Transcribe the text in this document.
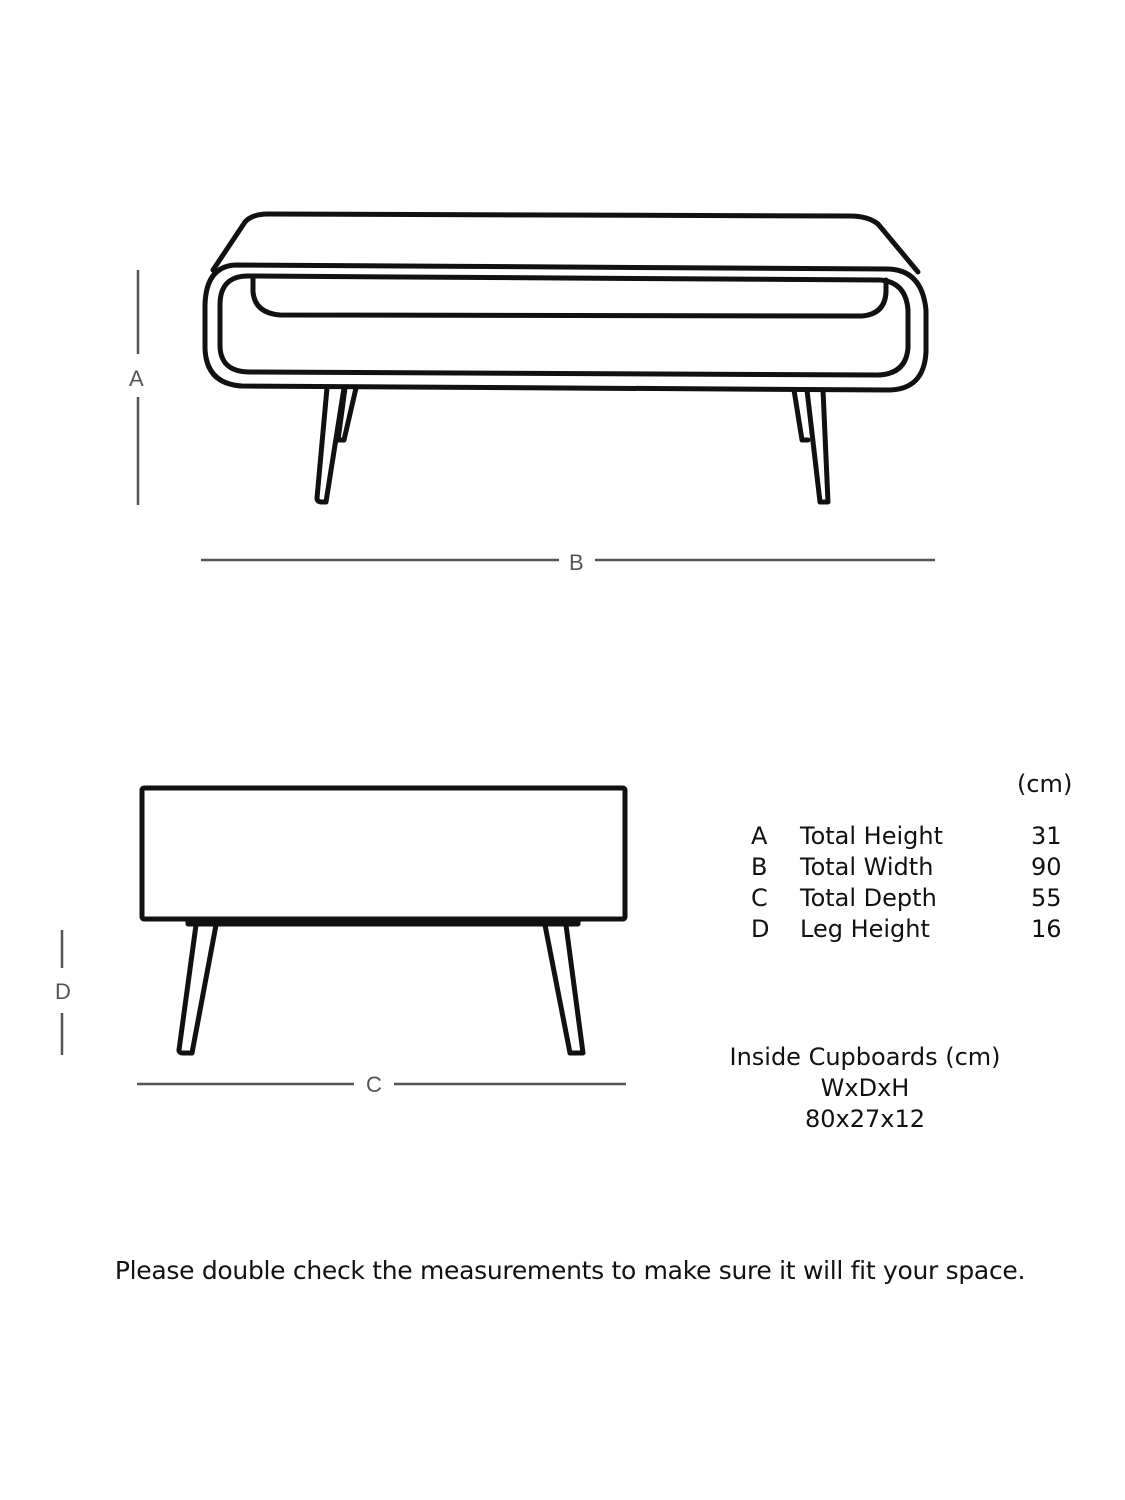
A
B
D
C
(cm)
A Total Height	31
B Total Width	90
C Total Depth	55
D Leg Height	16
Inside Cupboards (cm)
WxDxH
80x27x12
Please double check the measurements to make sure it will fit your space.
